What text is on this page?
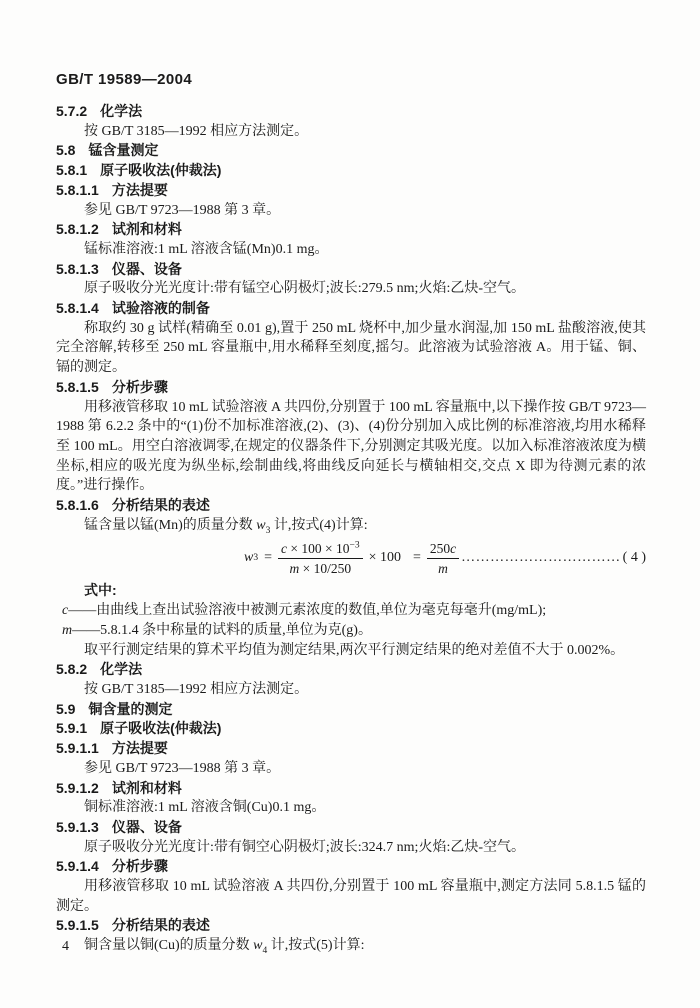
GB/T 19589—2004
5.7.2 化学法

按 GB/T 3185—1992 相应方法测定。

5.8 锰含量测定
5.8.1 原子吸收法(仲裁法)
5.8.1.1 方法提要

参见 GB/T 9723—1988 第 3 章。

5.8.1.2 试剂和材料

锰标准溶液:1 mL 溶液含锰(Mn)0.1 mg。

5.8.1.3 仪器、设备

原子吸收分光光度计:带有锰空心阴极灯;波长:279.5 nm;火焰:乙炔-空气。

5.8.1.4 试验溶液的制备

称取约 30 g 试样(精确至 0.01 g),置于 250 mL 烧杯中,加少量水润湿,加 150 mL 盐酸溶液,使其完全溶解,转移至 250 mL 容量瓶中,用水稀释至刻度,摇匀。此溶液为试验溶液 A。用于锰、铜、镉的测定。

5.8.1.5 分析步骤

用移液管移取 10 mL 试验溶液 A 共四份,分别置于 100 mL 容量瓶中,以下操作按 GB/T 9723—1988 第 6.2.2 条中的“(1)份不加标准溶液,(2)、(3)、(4)份分别加入成比例的标准溶液,均用水稀释至 100 mL。用空白溶液调零,在规定的仪器条件下,分别测定其吸光度。以加入标准溶液浓度为横坐标,相应的吸光度为纵坐标,绘制曲线,将曲线反向延长与横轴相交,交点 X 即为待测元素的浓度。”进行操作。

5.8.1.6 分析结果的表述

锰含量以锰(Mn)的质量分数 $w_3$ 计,按式(4)计算:

w $3 = \frac{c \times 100 \times 10^{-3}}{m \times 10/250} \times 100 = \frac{250c}{m}$ …………………………… ( 4 )

式中:

c——由曲线上查出试验溶液中被测元素浓度的数值,单位为毫克每毫升(mg/mL);

m——5.8.1.4 条中称量的试料的质量,单位为克(g)。

取平行测定结果的算术平均值为测定结果,两次平行测定结果的绝对差值不大于 0.002%。

5.8.2 化学法

按 GB/T 3185—1992 相应方法测定。

5.9 铜含量的测定
5.9.1 原子吸收法(仲裁法)
5.9.1.1 方法提要

参见 GB/T 9723—1988 第 3 章。

5.9.1.2 试剂和材料

铜标准溶液:1 mL 溶液含铜(Cu)0.1 mg。

5.9.1.3 仪器、设备

原子吸收分光光度计:带有铜空心阴极灯;波长:324.7 nm;火焰:乙炔-空气。

5.9.1.4 分析步骤

用移液管移取 10 mL 试验溶液 A 共四份,分别置于 100 mL 容量瓶中,测定方法同 5.8.1.5 锰的测定。

5.9.1.5 分析结果的表述

铜含量以铜(Cu)的质量分数 $w_4$ 计,按式(5)计算:

4
